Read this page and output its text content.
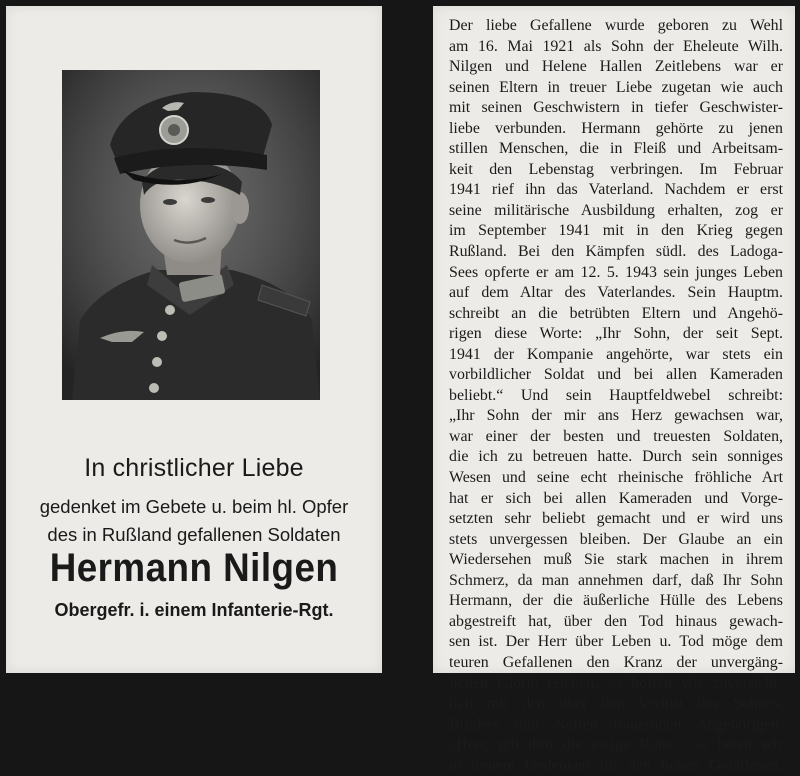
In christlicher Liebe
gedenket im Gebete u. beim hl. Opfer
des in Rußland gefallenen Soldaten
Hermann Nilgen
Obergefr. i. einem Infanterie-Rgt.
Der liebe Gefallene wurde geboren zu Wehl
am 16. Mai 1921 als Sohn der Eheleute Wilh.
Nilgen und Helene Hallen Zeitlebens war er
seinen Eltern in treuer Liebe zugetan wie auch
mit seinen Geschwistern in tiefer Geschwister-
liebe verbunden. Hermann gehörte zu jenen
stillen Menschen, die in Fleiß und Arbeitsam-
keit den Lebenstag verbringen. Im Februar
1941 rief ihn das Vaterland. Nachdem er erst
seine militärische Ausbildung erhalten, zog er
im September 1941 mit in den Krieg gegen
Rußland. Bei den Kämpfen südl. des Ladoga-
Sees opferte er am 12. 5. 1943 sein junges Leben
auf dem Altar des Vaterlandes. Sein Hauptm.
schreibt an die betrübten Eltern und Angehö-
rigen diese Worte: „Ihr Sohn, der seit Sept.
1941 der Kompanie angehörte, war stets ein
vorbildlicher Soldat und bei allen Kameraden
beliebt.“ Und sein Hauptfeldwebel schreibt:
„Ihr Sohn der mir ans Herz gewachsen war,
war einer der besten und treuesten Soldaten,
die ich zu betreuen hatte. Durch sein sonniges
Wesen und seine echt rheinische fröhliche Art
hat er sich bei allen Kameraden und Vorge-
setzten sehr beliebt gemacht und er wird uns
stets unvergessen bleiben. Der Glaube an ein
Wiedersehen muß Sie stark machen in ihrem
Schmerz, da man annehmen darf, daß Ihr Sohn
Hermann, der die äußerliche Hülle des Lebens
abgestreift hat, über den Tod hinaus gewach-
sen ist. Der Herr über Leben u. Tod möge dem
teuren Gefallenen den Kranz der unvergäng-
lichen Glorie reichen, so hoffen wir zuversicht-
lich mit den über den Verlust des Sohnes,
Bruders und Neffen trauernden Angehörigen.
„Herr, gib ihm die ewige Ruhe,“ so beten wir
in treuem Gedenken für den lieben Gefallenen.
